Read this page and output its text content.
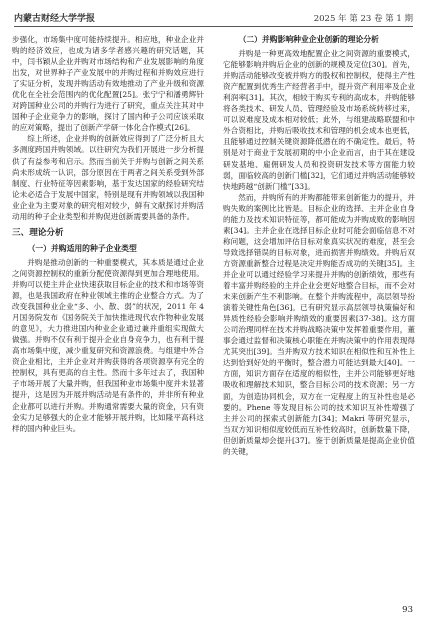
内蒙古财经大学学报	2025 年 第 23 卷 第 1 期

步强化，市场集中度可能持续提升。相应地，种业企业并购的经济效应，也成为诸多学者感兴趣的研究话题，其中，闫书颖从企业并购对市场结构和产业发展影响的角度出发，对世界种子产业发展中的并购过程和并购效应进行了实证分析，发现并购活动有效地推动了产业升级和资源优化在全社会范围内的优化配置[25]。张宁宁和潘勇辉针对跨国种业公司的并购行为进行了研究，重点关注其对中国种子企业竞争力的影响，探讨了国内种子公司应该采取的应对策略，提出了创新产学研一体化合作模式[26]。

综上所述，企业并购的创新效应得到了广泛分析且大多测度跨国并购领域。以往研究为我们开展进一步分析提供了有益参考和启示。然而当前关于并购与创新之间关系尚未形成统一认识，部分原因在于两者之间关系受到外部制度、行业特征等因素影响，基于发达国家的经验研究结论未必适合于发展中国家，特别是现有并购领域以我国种业企业为主要对象的研究相对较少，鲜有文献探讨并购活动用的种子企业类型和并购促进创新需要具备的条件。

三、理论分析
（一）并购适用的种子企业类型

并购是推动创新的一种重要模式，其本质是通过企业之间资源控制权的重新分配使资源得到更加合理地使用。并购可以使主并企业快速获取目标企业的技术和市场等资源，也是我国政府在种业领域主推的企业整合方式。为了改变我国种业企业“多、小、散、弱”的状况，2011 年 4 月国务院发布《国务院关于加快推进现代农作物种业发展的意见》，大力推进国内种业企业通过兼并重组实现做大做强。并购不仅有利于提升企业自身竞争力，也有利于提高市场集中度，减少重复研究和资源浪费。与组建中外合资企业相比，主并企业对并购获得的各项资源享有完全的控制权，具有更高的自主性。然而十多年过去了，我国种子市场开展了大量并购，但我国种业市场集中度并未显著提升，这是因为开展并购活动是有条件的，并非所有种业企业都可以进行并购。并购通常需要大量的资金，只有资金实力足够强大的企业才能够开展并购，比如隆平高科这样的国内种业巨头。

（二）并购影响种业企业创新的理论分析

并购是一种更高效地配置企业之间资源的重要模式，它能够影响并购后企业的创新的规模及定位[30]。首先，并购活动能够改变被并购方的股权和控制权，使得主产性资产配置到优秀生产经营者手中，提升资产利用率及企业利润率[31]。其次，相较于购买专利的高成本，并购能够将各类技术、研发人员、管理经验及市场系统转移过来，可以说难度及成本相对较低；此外，与组建战略联盟和中外合资相比，并购后吸收技术和管理的机会成本也更低，且能够通过控制关键资源降低潜在的不确定性。最后，特别是对于商业于发展初期的中小企业而言，由于其在建设研发基地、雇佣研发人员和投资研发技术等方面能力较弱，面临较高的创新门槛[32]，它们通过并购活动能够较快地跨越“创新门槛”[33]。

然而，并购所有的并购都能带来创新能力的提升，并购失败的案例比比皆是。目标企业的选择、主并企业自身的能力及技术知识特征等，都可能成为并购成败的影响因素[34]。主并企业在选择目标企业时可能会面临信息不对称问题，这会增加评估目标对象真实状况的难度，甚至会导致选择错误的目标对象，进而损害并购绩效。并购后双方资源重新整合过程是决定并购能否成功的关键[35]。主并企业可以通过经验学习来提升并购的创新绩效，那些有着丰富并购经验的主并企业会更好地整合目标，而不会对未来创新产生不利影响。在整个并购流程中，高层领导扮演着关键性角色[36]。已有研究显示高层领导执策偏好和异质性经验会影响并购绩效的重要因素[37-38]。这方面公司治理同样在技术并购战略决策中发挥着重要作用，董事会通过监督和决策核心职能在并购决策中的作用表现得尤其突出[39]。当并购双方技术知识在相似性和互补性上达到恰到好处的平衡时，整合潜力可能达到最大[40]。一方面，知识方面存在适度的相似性，主并公司能够更好地吸收和理解技术知识，整合目标公司的技术资源；另一方面，为创造协同机会，双方在一定程度上的互补性也是必要的。Phene 等发现目标公司的技术知识互补性增强了主并公司的探索式创新能力[34]；Makri 等研究显示，当双方知识相似度较低而互补性较高时，创新数量下降，但创新质量却会提升[37]。鉴于创新质量是提高企业价值的关键，

93
